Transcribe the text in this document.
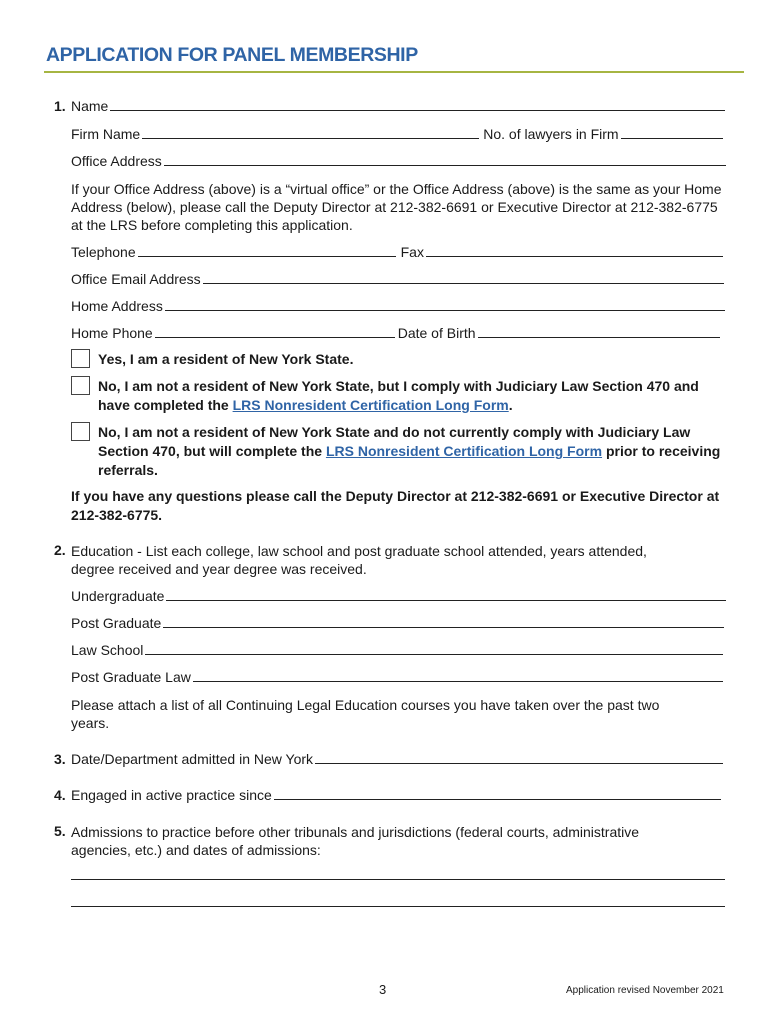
APPLICATION FOR PANEL MEMBERSHIP
1. Name
Firm Name	No. of lawyers in Firm
Office Address
If your Office Address (above) is a “virtual office” or the Office Address (above) is the same as your Home Address (below), please call the Deputy Director at 212-382-6691 or Executive Director at 212-382-6775 at the LRS before completing this application.
Telephone	Fax
Office Email Address
Home Address
Home Phone	Date of Birth
Yes, I am a resident of New York State.
No, I am not a resident of New York State, but I comply with Judiciary Law Section 470 and have completed the LRS Nonresident Certification Long Form.
No, I am not a resident of New York State and do not currently comply with Judiciary Law Section 470, but will complete the LRS Nonresident Certification Long Form prior to receiving referrals.
If you have any questions please call the Deputy Director at 212-382-6691 or Executive Director at 212-382-6775.
2. Education - List each college, law school and post graduate school attended, years attended, degree received and year degree was received.
Undergraduate
Post Graduate
Law School
Post Graduate Law
Please attach a list of all Continuing Legal Education courses you have taken over the past two years.
3. Date/Department admitted in New York
4. Engaged in active practice since
5. Admissions to practice before other tribunals and jurisdictions (federal courts, administrative agencies, etc.) and dates of admissions:
3	Application revised November 2021
